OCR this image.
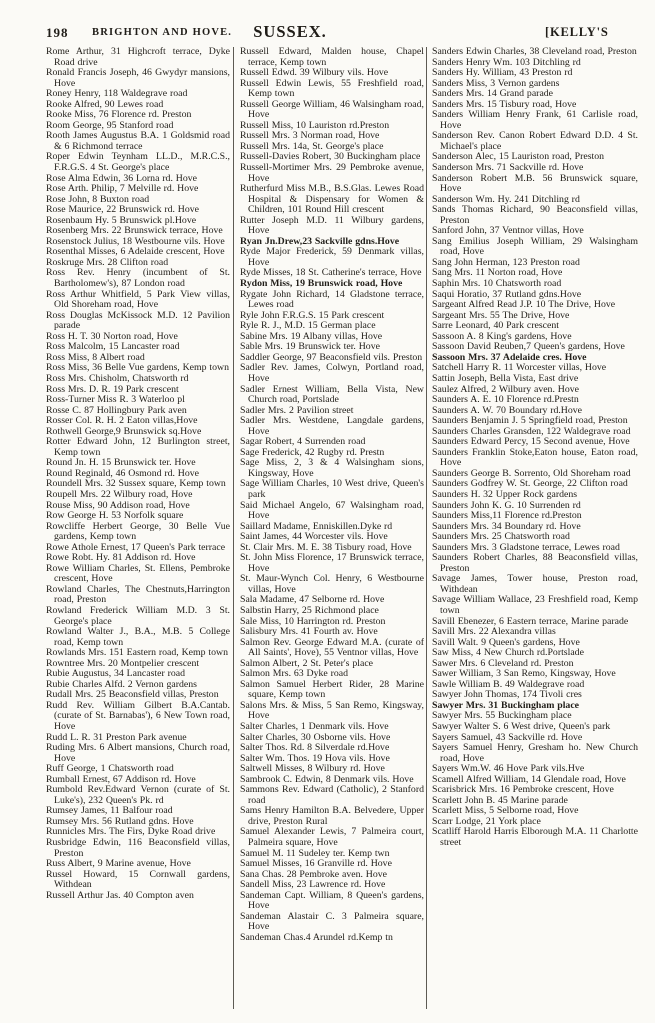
198 BRIGHTON AND HOVE.	SUSSEX.	[KELLY'S
Rome Arthur, 31 Highcroft terrace, Dyke Road drive
Ronald Francis Joseph, 46 Gwydyr mansions, Hove
Roney Henry, 118 Waldegrave road
Rooke Alfred, 90 Lewes road
Rooke Miss, 76 Florence rd. Preston
Room George, 95 Stanford road
Rooth James Augustus B.A. 1 Goldsmid road & 6 Richmond terrace
Roper Edwin Teynham LL.D., M.R.C.S., F.R.G.S. 4 St. George's place
Rose Alma Edwin, 36 Lorna rd. Hove
Rose Arth. Philip, 7 Melville rd. Hove
Rose John, 8 Buxton road
Rose Maurice, 22 Brunswick rd. Hove
Rosenbaum Hy. 5 Brunswick pl.Hove
Rosenberg Mrs. 22 Brunswick terrace, Hove
Rosenstock Julius, 18 Westbourne vils. Hove
Rosenthal Misses, 6 Adelaide crescent, Hove
Roskruge Mrs. 28 Clifton road
Ross Rev. Henry (incumbent of St. Bartholomew's), 87 London road
Ross Arthur Whitfield, 5 Park View villas, Old Shoreham road, Hove
Ross Douglas McKissock M.D. 12 Pavilion parade
Ross H. T. 30 Norton road, Hove
Ross Malcolm, 15 Lancaster road
Ross Miss, 8 Albert road
Ross Miss, 36 Belle Vue gardens, Kemp town
Ross Mrs. Chisholm, Chatsworth rd
Ross Mrs. D. R. 19 Park crescent
Ross-Turner Miss R. 3 Waterloo pl
Rosse C. 87 Hollingbury Park aven
Rosser Col. R. H. 2 Eaton villas,Hove
Rothwell George,9 Brunswick sq.Hove
Rotter Edward John, 12 Burlington street, Kemp town
Round Jn. H. 15 Brunswick ter. Hove
Round Reginald, 46 Osmond rd. Hove
Roundell Mrs. 32 Sussex square, Kemp town
Roupell Mrs. 22 Wilbury road, Hove
Rouse Miss, 90 Addison road, Hove
Row George H. 53 Norfolk square
Rowcliffe Herbert George, 30 Belle Vue gardens, Kemp town
Rowe Athole Ernest, 17 Queen's Park terrace
Rowe Robt. Hy. 81 Addison rd. Hove
Rowe William Charles, St. Ellens, Pembroke crescent, Hove
Rowland Charles, The Chestnuts,Harrington road, Preston
Rowland Frederick William M.D. 3 St. George's place
Rowland Walter J., B.A., M.B. 5 College road, Kemp town
Rowlands Mrs. 151 Eastern road, Kemp town
Rowntree Mrs. 20 Montpelier crescent
Rubie Augustus, 34 Lancaster road
Rubie Charles Alfd. 2 Vernon gardens
Rudall Mrs. 25 Beaconsfield villas, Preston
Rudd Rev. William Gilbert B.A.Cantab. (curate of St. Barnabas'), 6 New Town road, Hove
Rudd L. R. 31 Preston Park avenue
Ruding Mrs. 6 Albert mansions, Church road, Hove
Ruff George, 1 Chatsworth road
Rumball Ernest, 67 Addison rd. Hove
Rumbold Rev.Edward Vernon (curate of St. Luke's), 232 Queen's Pk. rd
Rumsey James, 11 Balfour road
Rumsey Mrs. 56 Rutland gdns. Hove
Runnicles Mrs. The Firs, Dyke Road drive
Rusbridge Edwin, 116 Beaconsfield villas, Preston
Russ Albert, 9 Marine avenue, Hove
Russel Howard, 15 Cornwall gardens, Withdean
Russell Arthur Jas. 40 Compton aven
Russell Edward, Malden house, Chapel terrace, Kemp town
Russell Edwd. 39 Wilbury vils. Hove
Russell Edwin Lewis, 55 Freshfield road, Kemp town
Russell George William, 46 Walsingham road, Hove
Russell Miss, 10 Lauriston rd.Preston
Russell Mrs. 3 Norman road, Hove
Russell Mrs. 14a, St. George's place
Russell-Davies Robert, 30 Buckingham place
Russell-Mortimer Mrs. 29 Pembroke avenue, Hove
Rutherfurd Miss M.B., B.S.Glas. Lewes Road Hospital & Dispensary for Women & Children, 101 Round Hill crescent
Rutter Joseph M.D. 11 Wilbury gardens, Hove
Ryan Jn.Drew,23 Sackville gdns.Hove
Ryde Major Frederick, 59 Denmark villas, Hove
Ryde Misses, 18 St. Catherine's terrace, Hove
Rydon Miss, 19 Brunswick road, Hove
Rygate John Richard, 14 Gladstone terrace, Lewes road
Ryle John F.R.G.S. 15 Park crescent
Ryle R. J., M.D. 15 German place
Sabine Mrs. 19 Albany villas, Hove
Sable Mrs. 19 Brunswick ter. Hove
Saddler George, 97 Beaconsfield vils. Preston
Sadler Rev. James, Colwyn, Portland road, Hove
Sadler Ernest William, Bella Vista, New Church road, Portslade
Sadler Mrs. 2 Pavilion street
Sadler Mrs. Westdene, Langdale gardens, Hove
Sagar Robert, 4 Surrenden road
Sage Frederick, 42 Rugby rd. Prestn
Sage Miss, 2, 3 & 4 Walsingham sions, Kingsway, Hove
Sage William Charles, 10 West drive, Queen's park
Said Michael Angelo, 67 Walsingham road, Hove
Saillard Madame, Enniskillen.Dyke rd
Saint James, 44 Worcester vils. Hove
St. Clair Mrs. M. E. 38 Tisbury road, Hove
St. John Miss Florence, 17 Brunswick terrace, Hove
St. Maur-Wynch Col. Henry, 6 Westbourne villas, Hove
Sala Madame, 47 Selborne rd. Hove
Salbstin Harry, 25 Richmond place
Sale Miss, 10 Harrington rd. Preston
Salisbury Mrs. 41 Fourth av. Hove
Salmon Rev. George Edward M.A. (curate of All Saints', Hove), 55 Ventnor villas, Hove
Salmon Albert, 2 St. Peter's place
Salmon Mrs. 63 Dyke road
Salmon Samuel Herbert Rider, 28 Marine square, Kemp town
Salons Mrs. & Miss, 5 San Remo, Kingsway, Hove
Salter Charles, 1 Denmark vils. Hove
Salter Charles, 30 Osborne vils. Hove
Salter Thos. Rd. 8 Silverdale rd.Hove
Salter Wm. Thos. 19 Hova vils. Hove
Saltwell Misses, 8 Wilbury rd. Hove
Sambrook C. Edwin, 8 Denmark vils. Hove
Sammons Rev. Edward (Catholic), 2 Stanford road
Sams Henry Hamilton B.A. Belvedere, Upper drive, Preston Rural
Samuel Alexander Lewis, 7 Palmeira court, Palmeira square, Hove
Samuel M. 11 Sudeley ter. Kemp twn
Samuel Misses, 16 Granville rd. Hove
Sana Chas. 28 Pembroke aven. Hove
Sandell Miss, 23 Lawrence rd. Hove
Sandeman Capt. William, 8 Queen's gardens, Hove
Sandeman Alastair C. 3 Palmeira square, Hove
Sandeman Chas.4 Arundel rd.Kemp tn
Sanders Edwin Charles, 38 Cleveland road, Preston
Sanders Henry Wm. 103 Ditchling rd
Sanders Hy. William, 43 Preston rd
Sanders Miss, 3 Vernon gardens
Sanders Mrs. 14 Grand parade
Sanders Mrs. 15 Tisbury road, Hove
Sanders William Henry Frank, 61 Carlisle road, Hove
Sanderson Rev. Canon Robert Edward D.D. 4 St. Michael's place
Sanderson Alec, 15 Lauriston road, Preston
Sanderson Mrs. 71 Sackville rd. Hove
Sanderson Robert M.B. 56 Brunswick square, Hove
Sanderson Wm. Hy. 241 Ditchling rd
Sands Thomas Richard, 90 Beaconsfield villas, Preston
Sanford John, 37 Ventnor villas, Hove
Sang Emilius Joseph William, 29 Walsingham road, Hove
Sang John Herman, 123 Preston road
Sang Mrs. 11 Norton road, Hove
Saphin Mrs. 10 Chatsworth road
Saqui Horatio, 37 Rutland gdns.Hove
Sargeant Alfred Read J.P. 10 The Drive, Hove
Sargeant Mrs. 55 The Drive, Hove
Sarre Leonard, 40 Park crescent
Sassoon A. 8 King's gardens, Hove
Sassoon David Reuben,7 Queen's gardens, Hove
Sassoon Mrs. 37 Adelaide cres. Hove
Satchell Harry R. 11 Worcester villas, Hove
Sattin Joseph, Bella Vista, East drive
Saulez Alfred, 2 Wilbury aven. Hove
Saunders A. E. 10 Florence rd.Prestn
Saunders A. W. 70 Boundary rd.Hove
Saunders Benjamin J. 5 Springfield road, Preston
Saunders Charles Gransden, 122 Waldegrave road
Saunders Edward Percy, 15 Second avenue, Hove
Saunders Franklin Stoke,Eaton house, Eaton road, Hove
Saunders George B. Sorrento, Old Shoreham road
Saunders Godfrey W. St. George, 22 Clifton road
Saunders H. 32 Upper Rock gardens
Saunders John K. G. 10 Surrenden rd
Saunders Miss,11 Florence rd.Preston
Saunders Mrs. 34 Boundary rd. Hove
Saunders Mrs. 25 Chatsworth road
Saunders Mrs. 3 Gladstone terrace, Lewes road
Saunders Robert Charles, 88 Beaconsfield villas, Preston
Savage James, Tower house, Preston road, Withdean
Savage William Wallace, 23 Freshfield road, Kemp town
Savill Ebenezer, 6 Eastern terrace, Marine parade
Savill Mrs. 22 Alexandra villas
Savill Walt. 9 Queen's gardens, Hove
Saw Miss, 4 New Church rd.Portslade
Sawer Mrs. 6 Cleveland rd. Preston
Sawer William, 3 San Remo, Kingsway, Hove
Sawle William B. 49 Waldegrave road
Sawyer John Thomas, 174 Tivoli cres
Sawyer Mrs. 31 Buckingham place
Sawyer Mrs. 55 Buckingham place
Sawyer Walter S. 6 West drive, Queen's park
Sayers Samuel, 43 Sackville rd. Hove
Sayers Samuel Henry, Gresham ho. New Church road, Hove
Sayers Wm.W. 46 Hove Park vils.Hve
Scamell Alfred William, 14 Glendale road, Hove
Scarisbrick Mrs. 16 Pembroke crescent, Hove
Scarlett John B. 45 Marine parade
Scarlett Miss, 5 Selborne road, Hove
Scarr Lodge, 21 York place
Scatliff Harold Harris Elborough M.A. 11 Charlotte street
